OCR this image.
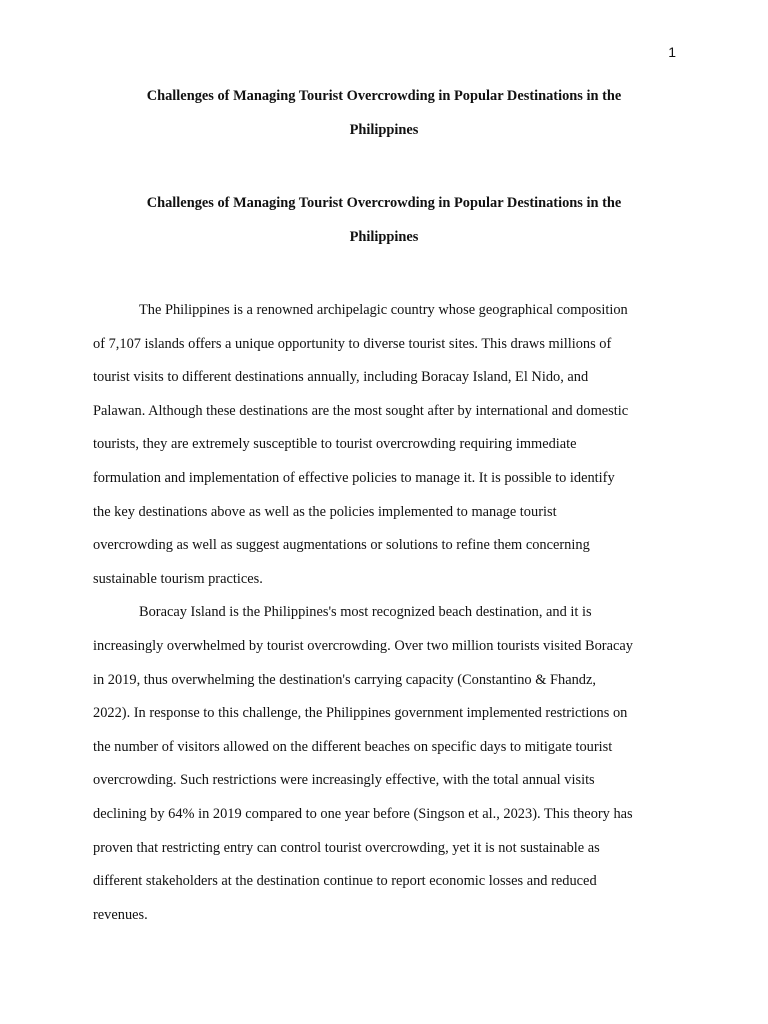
1
Challenges of Managing Tourist Overcrowding in Popular Destinations in the
Philippines
Challenges of Managing Tourist Overcrowding in Popular Destinations in the
Philippines

The Philippines is a renowned archipelagic country whose geographical composition
of 7,107 islands offers a unique opportunity to diverse tourist sites. This draws millions of
tourist visits to different destinations annually, including Boracay Island, El Nido, and
Palawan. Although these destinations are the most sought after by international and domestic
tourists, they are extremely susceptible to tourist overcrowding requiring immediate
formulation and implementation of effective policies to manage it. It is possible to identify
the key destinations above as well as the policies implemented to manage tourist
overcrowding as well as suggest augmentations or solutions to refine them concerning
sustainable tourism practices.

Boracay Island is the Philippines's most recognized beach destination, and it is
increasingly overwhelmed by tourist overcrowding. Over two million tourists visited Boracay
in 2019, thus overwhelming the destination's carrying capacity (Constantino & Fhandz,
2022). In response to this challenge, the Philippines government implemented restrictions on
the number of visitors allowed on the different beaches on specific days to mitigate tourist
overcrowding. Such restrictions were increasingly effective, with the total annual visits
declining by 64% in 2019 compared to one year before (Singson et al., 2023). This theory has
proven that restricting entry can control tourist overcrowding, yet it is not sustainable as
different stakeholders at the destination continue to report economic losses and reduced
revenues.
